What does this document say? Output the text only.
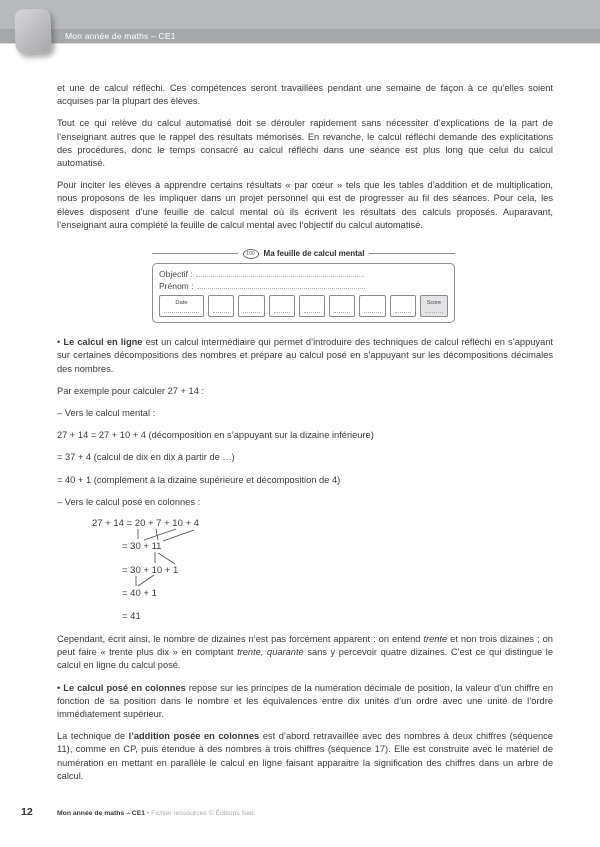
Mon année de maths – CE1

et une de calcul réfléchi. Ces compétences seront travaillées pendant une semaine de façon à ce qu’elles soient acquises par la plupart des élèves.

Tout ce qui relève du calcul automatisé doit se dérouler rapidement sans nécessiter d’explications de la part de l’enseignant autres que le rappel des résultats mémorisés. En revanche, le calcul réfléchi demande des explicitations des procédures, donc le temps consacré au calcul réfléchi dans une séance est plus long que celui du calcul automatisé.

Pour inciter les élèves à apprendre certains résultats « par cœur » tels que les tables d’addition et de multiplication, nous proposons de les impliquer dans un projet personnel qui est de progresser au fil des séances. Pour cela, les élèves disposent d’une feuille de calcul mental où ils écrivent les résultats des calculs proposés. Auparavant, l’enseignant aura complété la feuille de calcul mental avec l’objectif du calcul automatisé.

100	Ma feuille de calcul mental
Objectif :
Prénom :
Date	Score

• Le calcul en ligne est un calcul intermédiaire qui permet d’introduire des techniques de calcul réfléchi en s’appuyant sur certaines décompositions des nombres et prépare au calcul posé en s’appuyant sur les décompositions décimales des nombres.

Par exemple pour calculer 27 + 14 :

– Vers le calcul mental :

27 + 14 = 27 + 10 + 4 (décomposition en s’appuyant sur la dizaine inférieure)

= 37 + 4 (calcul de dix en dix à partir de …)

= 40 + 1 (complément à la dizaine supérieure et décomposition de 4)

– Vers le calcul posé en colonnes :

27 + 14 = 20 + 7 + 10 + 4
= 30 + 11
= 30 + 10 + 1
= 40 + 1
= 41

Cependant, écrit ainsi, le nombre de dizaines n’est pas forcément apparent : on entend trente et non trois dizaines ; on peut faire « trente plus dix » en comptant trente, quarante sans y percevoir quatre dizaines. C’est ce qui distingue le calcul en ligne du calcul posé.

• Le calcul posé en colonnes repose sur les principes de la numération décimale de position, la valeur d’un chiffre en fonction de sa position dans le nombre et les équivalences entre dix unités d’un ordre avec une unité de l’ordre immédiatement supérieur.

La technique de l’addition posée en colonnes est d’abord retravaillée avec des nombres à deux chiffres (séquence 11), comme en CP, puis étendue à des nombres à trois chiffres (séquence 17). Elle est construite avec le matériel de numération en mettant en parallèle le calcul en ligne faisant apparaitre la signification des chiffres dans un arbre de calcul.

12	Mon année de maths – CE1 • Fichier ressources © Éditions Sed
